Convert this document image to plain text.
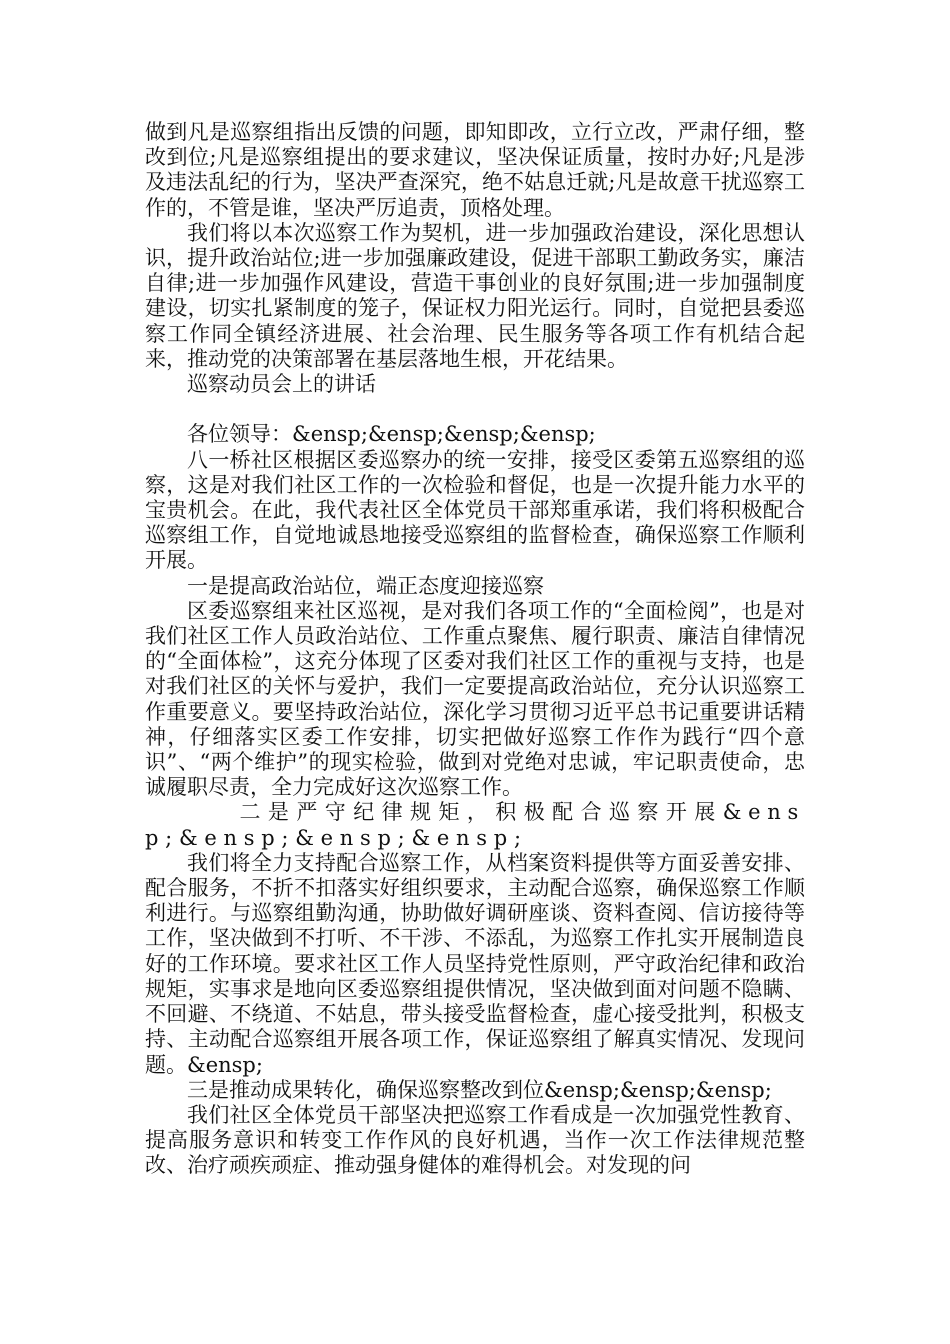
做到凡是巡察组指出反馈的问题，即知即改，立行立改，严肃仔细，整改到位;凡是巡察组提出的要求建议，坚决保证质量，按时办好;凡是涉及违法乱纪的行为，坚决严查深究，绝不姑息迁就;凡是故意干扰巡察工作的，不管是谁，坚决严厉追责，顶格处理。

我们将以本次巡察工作为契机，进一步加强政治建设，深化思想认识，提升政治站位;进一步加强廉政建设，促进干部职工勤政务实，廉洁自律;进一步加强作风建设，营造干事创业的良好氛围;进一步加强制度建设，切实扎紧制度的笼子，保证权力阳光运行。同时，自觉把县委巡察工作同全镇经济进展、社会治理、民生服务等各项工作有机结合起来，推动党的决策部署在基层落地生根，开花结果。

巡察动员会上的讲话

各位领导：&ensp;&ensp;&ensp;&ensp;

八一桥社区根据区委巡察办的统一安排，接受区委第五巡察组的巡察，这是对我们社区工作的一次检验和督促，也是一次提升能力水平的宝贵机会。在此，我代表社区全体党员干部郑重承诺，我们将积极配合巡察组工作，自觉地诚恳地接受巡察组的监督检查，确保巡察工作顺利开展。

一是提高政治站位，端正态度迎接巡察

区委巡察组来社区巡视，是对我们各项工作的“全面检阅”，也是对我们社区工作人员政治站位、工作重点聚焦、履行职责、廉洁自律情况的“全面体检”，这充分体现了区委对我们社区工作的重视与支持，也是对我们社区的关怀与爱护，我们一定要提高政治站位，充分认识巡察工作重要意义。要坚持政治站位，深化学习贯彻习近平总书记重要讲话精神，仔细落实区委工作安排，切实把做好巡察工作作为践行“四个意识”、“两个维护”的现实检验，做到对党绝对忠诚，牢记职责使命，忠诚履职尽责，全力完成好这次巡察工作。

二是严守纪律规矩，积极配合巡察开展&ensp;&ensp;&ensp;&ensp;

我们将全力支持配合巡察工作，从档案资料提供等方面妥善安排、配合服务，不折不扣落实好组织要求，主动配合巡察，确保巡察工作顺利进行。与巡察组勤沟通，协助做好调研座谈、资料查阅、信访接待等工作，坚决做到不打听、不干涉、不添乱，为巡察工作扎实开展制造良好的工作环境。要求社区工作人员坚持党性原则，严守政治纪律和政治规矩，实事求是地向区委巡察组提供情况，坚决做到面对问题不隐瞒、不回避、不绕道、不姑息，带头接受监督检查，虚心接受批判，积极支持、主动配合巡察组开展各项工作，保证巡察组了解真实情况、发现问题。&ensp;

三是推动成果转化，确保巡察整改到位&ensp;&ensp;&ensp;

我们社区全体党员干部坚决把巡察工作看成是一次加强党性教育、提高服务意识和转变工作作风的良好机遇，当作一次工作法律规范整改、治疗顽疾顽症、推动强身健体的难得机会。对发现的问
